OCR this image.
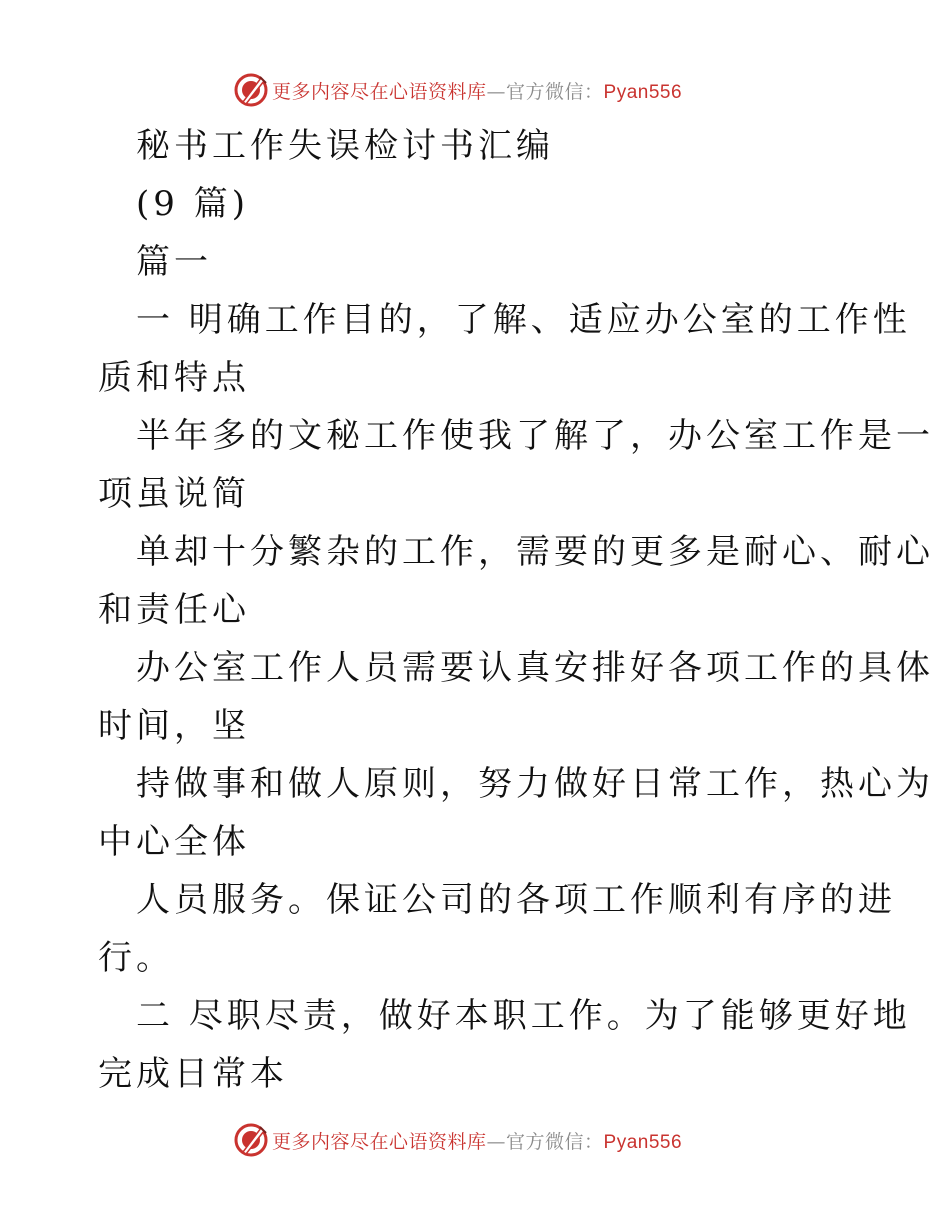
更多内容尽在心语资料库—官方微信：Pyan556
秘书工作失误检讨书汇编
(9 篇)
篇一
一 明确工作目的，了解、适应办公室的工作性
质和特点
半年多的文秘工作使我了解了，办公室工作是一
项虽说简
单却十分繁杂的工作，需要的更多是耐心、耐心
和责任心
办公室工作人员需要认真安排好各项工作的具体
时间，坚
持做事和做人原则，努力做好日常工作，热心为
中心全体
人员服务。保证公司的各项工作顺利有序的进
行。
二 尽职尽责，做好本职工作。为了能够更好地
完成日常本
更多内容尽在心语资料库—官方微信：Pyan556
